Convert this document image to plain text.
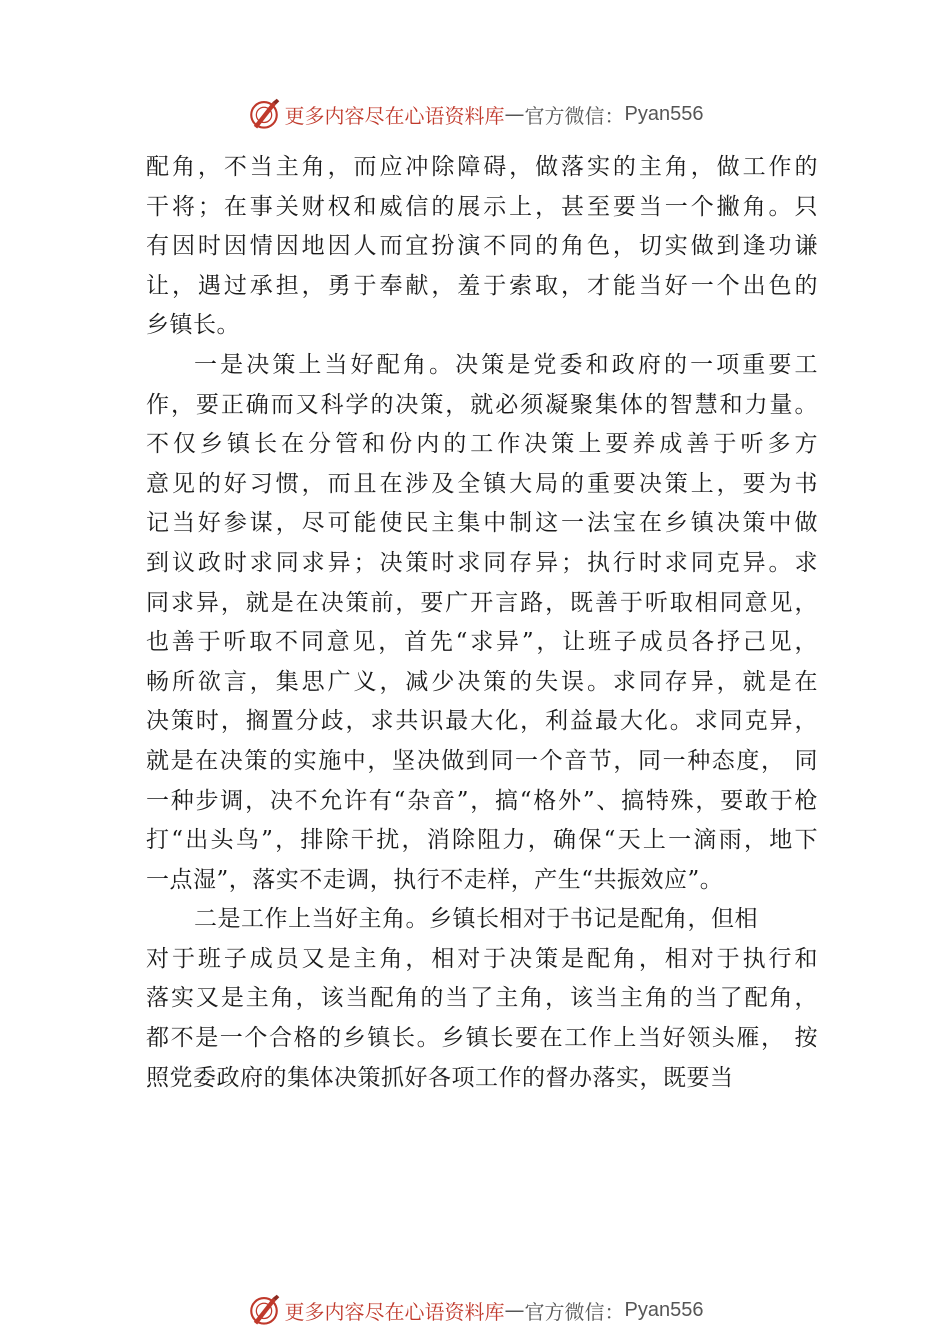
更多内容尽在心语资料库 — 官方微信： Pyan556
配角，不当主角，而应冲除障碍，做落实的主角，做工作的
干将；在事关财权和威信的展示上，甚至要当一个撇角。只
有因时因情因地因人而宜扮演不同的角色，切实做到逢功谦
让，遇过承担，勇于奉献，羞于索取，才能当好一个出色的
乡镇长。
一是决策上当好配角。决策是党委和政府的一项重要工
作，要正确而又科学的决策，就必须凝聚集体的智慧和力量。
不仅乡镇长在分管和份内的工作决策上要养成善于听多方
意见的好习惯，而且在涉及全镇大局的重要决策上，要为书
记当好参谋，尽可能使民主集中制这一法宝在乡镇决策中做
到议政时求同求异；决策时求同存异；执行时求同克异。求
同求异，就是在决策前，要广开言路，既善于听取相同意见，
也善于听取不同意见，首先“求异”，让班子成员各抒己见，
畅所欲言，集思广义，减少决策的失误。求同存异，就是在
决策时，搁置分歧，求共识最大化，利益最大化。求同克异，
就是在决策的实施中，坚决做到同一个音节，同一种态度， 同
一种步调，决不允许有“杂音”，搞“格外”、搞特殊，要敢于枪
打“出头鸟”，排除干扰，消除阻力，确保“天上一滴雨，地下
一点湿”，落实不走调，执行不走样，产生“共振效应”。
二是工作上当好主角。乡镇长相对于书记是配角，但相
对于班子成员又是主角，相对于决策是配角，相对于执行和
落实又是主角，该当配角的当了主角，该当主角的当了配角，
都不是一个合格的乡镇长。乡镇长要在工作上当好领头雁， 按
照党委政府的集体决策抓好各项工作的督办落实，既要当
更多内容尽在心语资料库 — 官方微信： Pyan556
